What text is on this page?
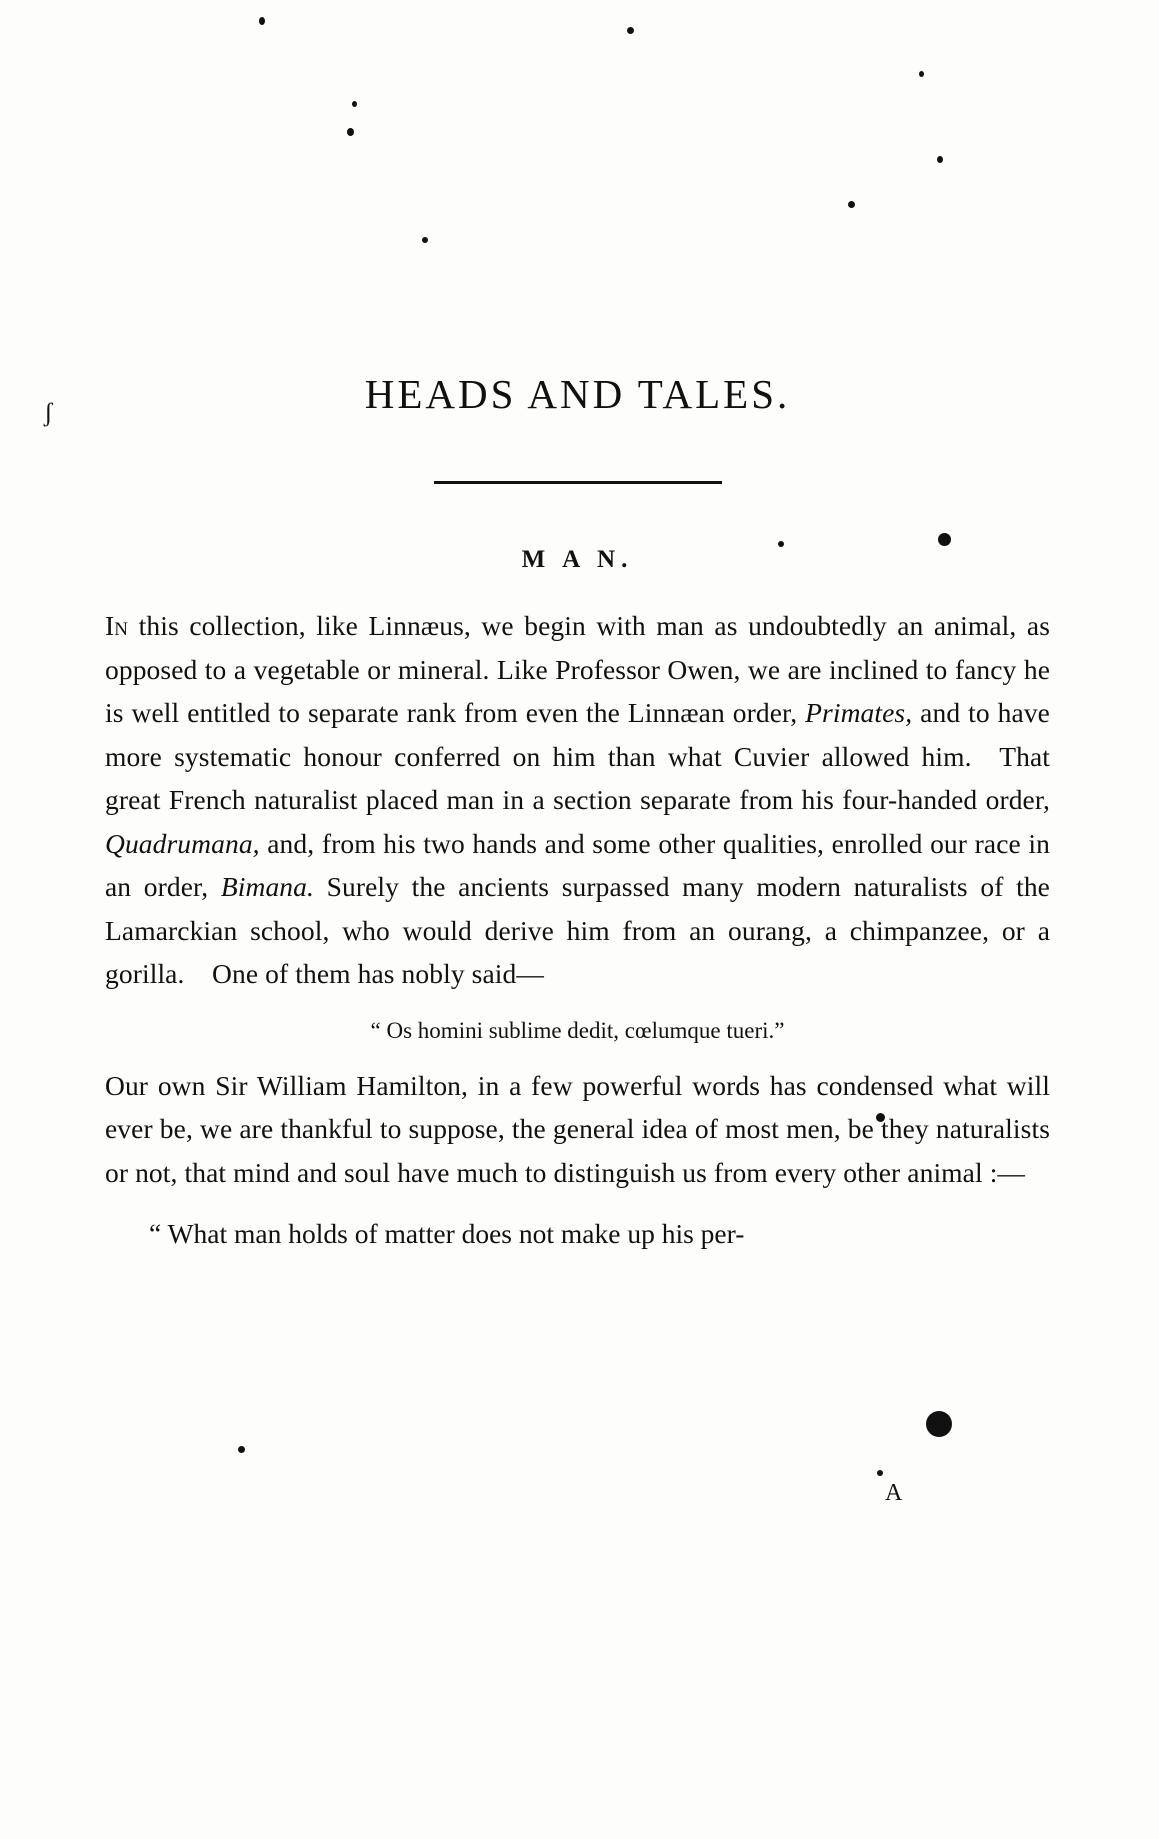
ʃ	HEADS AND TALES.
M A N.

In this collection, like Linnæus, we begin with man as undoubtedly an animal, as opposed to a vegetable or mineral. Like Professor Owen, we are inclined to fancy he is well entitled to separate rank from even the Linnæan order, Primates, and to have more systematic honour conferred on him than what Cuvier allowed him. That great French naturalist placed man in a section separate from his four-handed order, Quadrumana, and, from his two hands and some other qualities, enrolled our race in an order, Bimana. Surely the ancients surpassed many modern naturalists of the Lamarckian school, who would derive him from an ourang, a chimpanzee, or a gorilla. One of them has nobly said—

“ Os homini sublime dedit, cœlumque tueri.”

Our own Sir William Hamilton, in a few powerful words has condensed what will ever be, we are thankful to suppose, the general idea of most men, be they naturalists or not, that mind and soul have much to distinguish us from every other animal :—

“ What man holds of matter does not make up his per-

A
